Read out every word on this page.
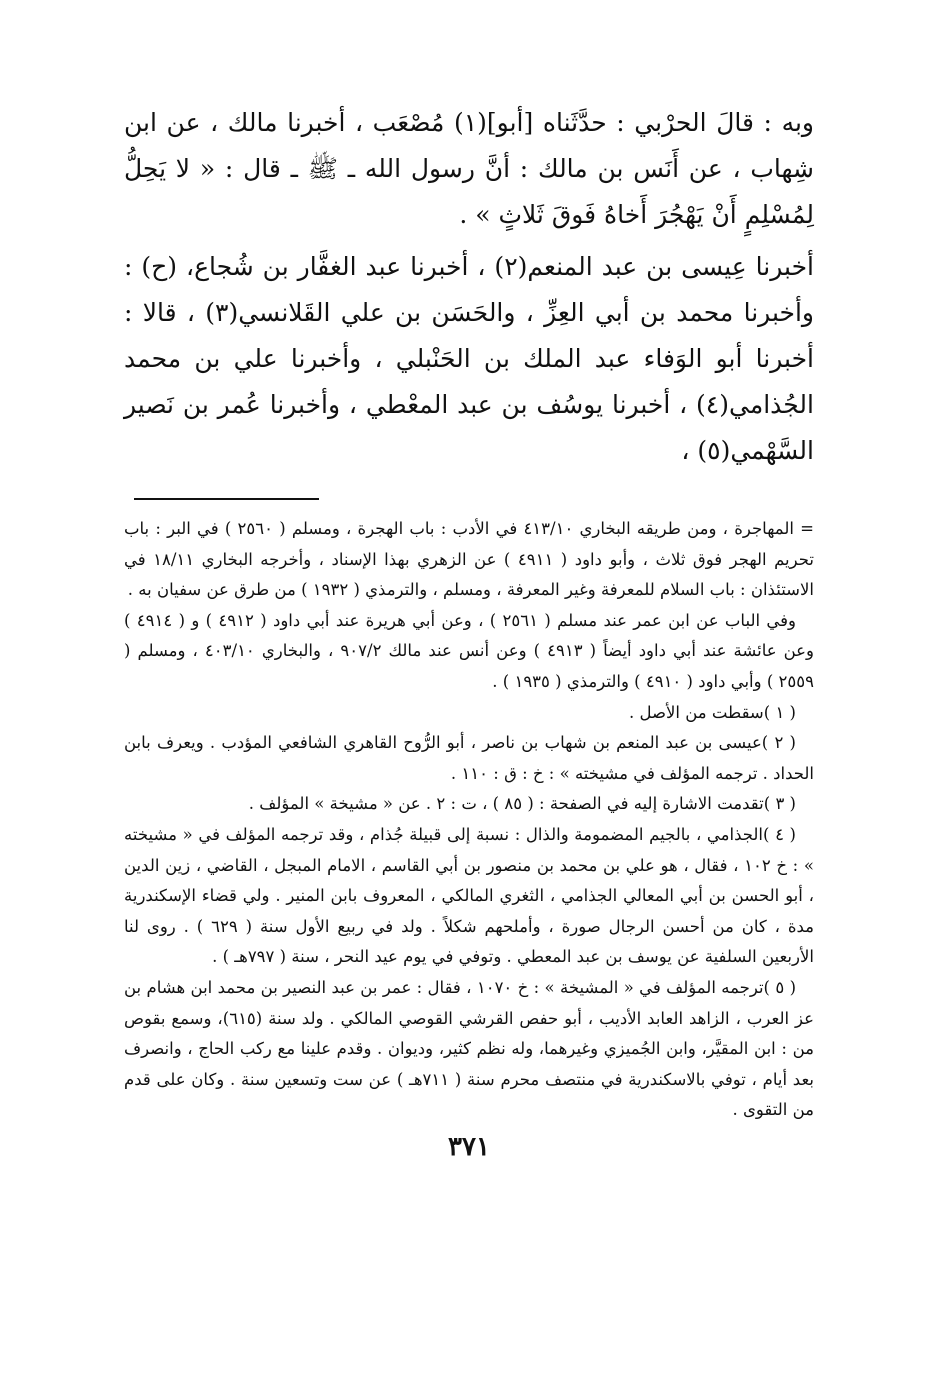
وبه : قالَ الحرْبي : حدَّثَناه [أبو](١) مُصْعَب ، أخبرنا مالك ، عن ابن شِهاب ، عن أَنَس بن مالك : أنَّ رسول الله ـ ﷺ ـ قال : « لا يَحِلُّ لِمُسْلِمٍ أَنْ يَهْجُرَ أَخاهُ فَوقَ ثَلاثٍ » .

أخبرنا عِيسى بن عبد المنعم(٢) ، أخبرنا عبد الغفَّار بن شُجاع، (ح) : وأخبرنا محمد بن أبي العِزِّ ، والحَسَن بن علي القَلانسي(٣) ، قالا : أخبرنا أبو الوَفاء عبد الملك بن الحَنْبلي ، وأخبرنا علي بن محمد الجُذامي(٤) ، أخبرنا يوسُف بن عبد المعْطي ، وأخبرنا عُمر بن نَصير السَّهْمي(٥) ،

= المهاجرة ، ومن طريقه البخاري ٤١٣/١٠ في الأدب : باب الهجرة ، ومسلم ( ٢٥٦٠ ) في البر : باب تحريم الهجر فوق ثلاث ، وأبو داود ( ٤٩١١ ) عن الزهري بهذا الإسناد ، وأخرجه البخاري ١٨/١١ في الاستئذان : باب السلام للمعرفة وغير المعرفة ، ومسلم ، والترمذي ( ١٩٣٢ ) من طرق عن سفيان به .

وفي الباب عن ابن عمر عند مسلم ( ٢٥٦١ ) ، وعن أبي هريرة عند أبي داود ( ٤٩١٢ ) و ( ٤٩١٤ ) وعن عائشة عند أبي داود أيضاً ( ٤٩١٣ ) وعن أنس عند مالك ٩٠٧/٢ ، والبخاري ٤٠٣/١٠ ، ومسلم ( ٢٥٥٩ ) وأبي داود ( ٤٩١٠ ) والترمذي ( ١٩٣٥ ) .

( ١ )سقطت من الأصل .

( ٢ )عيسى بن عبد المنعم بن شهاب بن ناصر ، أبو الرُّوح القاهري الشافعي المؤدب . ويعرف بابن الحداد . ترجمه المؤلف في مشيخته » : خ : ق : ١١٠ .

( ٣ )تقدمت الاشارة إليه في الصفحة : ( ٨٥ ) ، ت : ٢ . عن « مشيخة » المؤلف .

( ٤ )الجذامي ، بالجيم المضمومة والذال : نسبة إلى قبيلة جُذام ، وقد ترجمه المؤلف في « مشيخته » : خ ١٠٢ ، فقال ، هو علي بن محمد بن منصور بن أبي القاسم ، الامام المبجل ، القاضي ، زين الدين ، أبو الحسن بن أبي المعالي الجذامي ، الثغري المالكي ، المعروف بابن المنير . ولي قضاء الإسكندرية مدة ، كان من أحسن الرجال صورة ، وأملحهم شكلاً . ولد في ربيع الأول سنة ( ٦٢٩ ) . روى لنا الأربعين السلفية عن يوسف بن عبد المعطي . وتوفي في يوم عيد النحر ، سنة ( ٧٩٧هـ ) .

( ٥ )ترجمه المؤلف في « المشيخة » : خ ١٠٧٠ ، فقال : عمر بن عبد النصير بن محمد ابن هشام بن عز العرب ، الزاهد العابد الأديب ، أبو حفص القرشي القوصي المالكي . ولد سنة (٦١٥)، وسمع بقوص من : ابن المقيَّر، وابن الجُميزي وغيرهما، وله نظم كثير، وديوان . وقدم علينا مع ركب الحاج ، وانصرف بعد أيام ، توفي بالاسكندرية في منتصف محرم سنة ( ٧١١هـ ) عن ست وتسعين سنة . وكان على قدم من التقوى .

٣٧١
